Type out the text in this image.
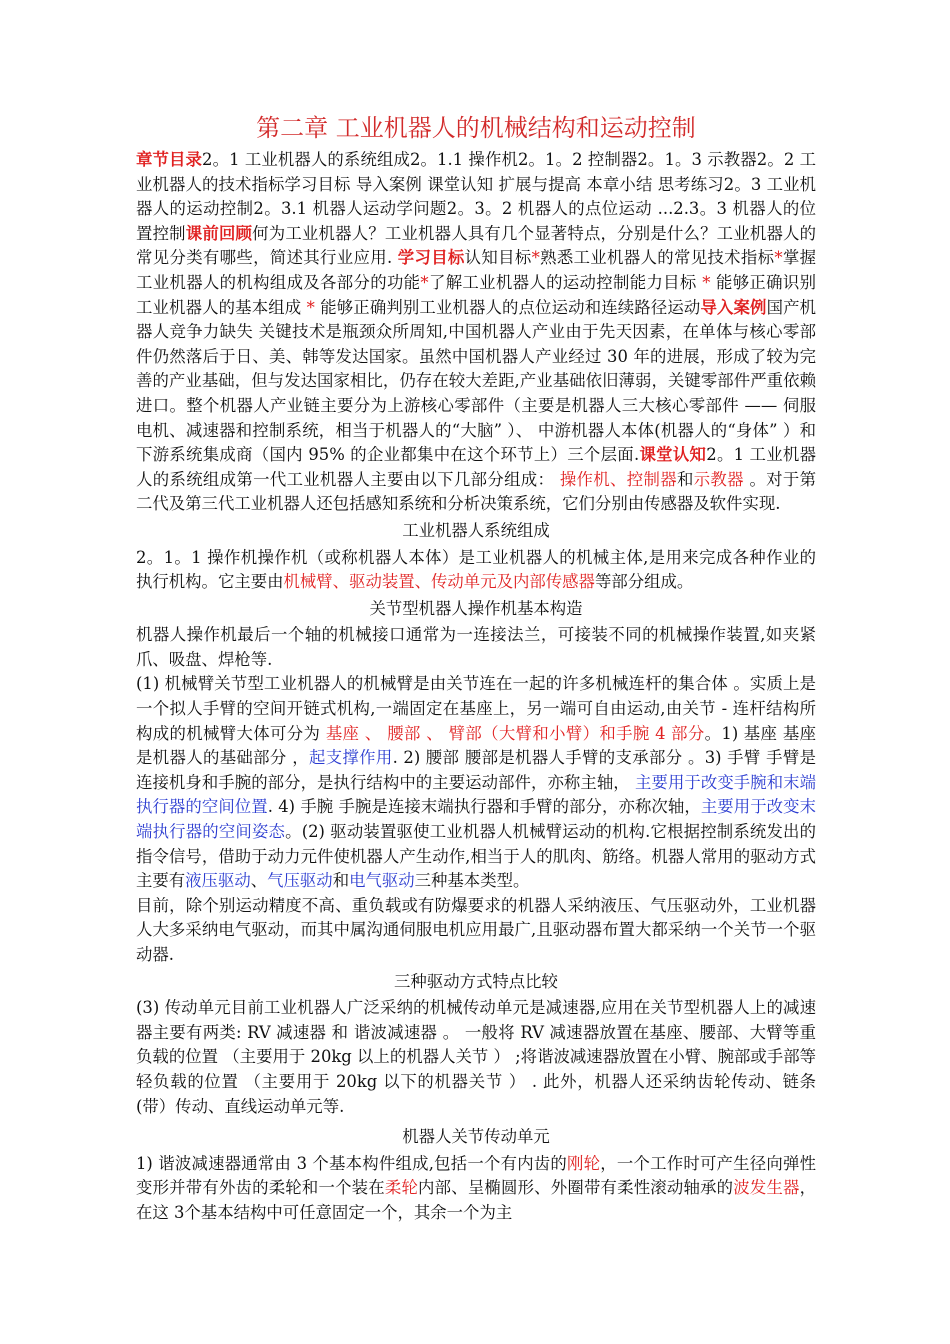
第二章 工业机器人的机械结构和运动控制

章节目录2。1 工业机器人的系统组成2。1.1 操作机2。1。2 控制器2。1。3 示教器2。2 工业机器人的技术指标学习目标 导入案例 课堂认知 扩展与提高 本章小结 思考练习2。3 工业机器人的运动控制2。3.1 机器人运动学问题2。3。2 机器人的点位运动 ...2.3。3 机器人的位置控制课前回顾何为工业机器人？工业机器人具有几个显著特点，分别是什么？工业机器人的常见分类有哪些，简述其行业应用. 学习目标认知目标*熟悉工业机器人的常见技术指标*掌握工业机器人的机构组成及各部分的功能*了解工业机器人的运动控制能力目标 * 能够正确识别工业机器人的基本组成 * 能够正确判别工业机器人的点位运动和连续路径运动导入案例国产机器人竞争力缺失 关键技术是瓶颈众所周知,中国机器人产业由于先天因素，在单体与核心零部件仍然落后于日、美、韩等发达国家。虽然中国机器人产业经过 30 年的进展，形成了较为完善的产业基础，但与发达国家相比，仍存在较大差距,产业基础依旧薄弱，关键零部件严重依赖进口。整个机器人产业链主要分为上游核心零部件（主要是机器人三大核心零部件 —— 伺服电机、减速器和控制系统，相当于机器人的“大脑” ）、 中游机器人本体(机器人的“身体” ）和下游系统集成商（国内 95% 的企业都集中在这个环节上）三个层面.课堂认知2。1 工业机器人的系统组成第一代工业机器人主要由以下几部分组成： 操作机、控制器和示教器 。对于第二代及第三代工业机器人还包括感知系统和分析决策系统，它们分别由传感器及软件实现.

工业机器人系统组成

2。1。1 操作机操作机（或称机器人本体）是工业机器人的机械主体,是用来完成各种作业的执行机构。它主要由机械臂、驱动装置、传动单元及内部传感器等部分组成。

关节型机器人操作机基本构造

机器人操作机最后一个轴的机械接口通常为一连接法兰，可接装不同的机械操作装置,如夹紧爪、吸盘、焊枪等.

(1) 机械臂关节型工业机器人的机械臂是由关节连在一起的许多机械连杆的集合体 。实质上是一个拟人手臂的空间开链式机构,一端固定在基座上，另一端可自由运动,由关节 - 连杆结构所构成的机械臂大体可分为 基座 、 腰部 、 臂部（大臂和小臂）和手腕 4 部分。1) 基座 基座是机器人的基础部分 ，起支撑作用. 2) 腰部 腰部是机器人手臂的支承部分 。3) 手臂 手臂是连接机身和手腕的部分，是执行结构中的主要运动部件，亦称主轴， 主要用于改变手腕和末端执行器的空间位置. 4) 手腕 手腕是连接末端执行器和手臂的部分，亦称次轴，主要用于改变末端执行器的空间姿态。(2) 驱动装置驱使工业机器人机械臂运动的机构.它根据控制系统发出的指令信号，借助于动力元件使机器人产生动作,相当于人的肌肉、筋络。机器人常用的驱动方式主要有液压驱动、气压驱动和电气驱动三种基本类型。

目前，除个别运动精度不高、重负载或有防爆要求的机器人采纳液压、气压驱动外，工业机器人大多采纳电气驱动，而其中属沟通伺服电机应用最广,且驱动器布置大都采纳一个关节一个驱动器.

三种驱动方式特点比较

(3) 传动单元目前工业机器人广泛采纳的机械传动单元是减速器,应用在关节型机器人上的减速器主要有两类: RV 减速器 和 谐波减速器 。 一般将 RV 减速器放置在基座、腰部、大臂等重负载的位置 （主要用于 20kg 以上的机器人关节 ） ;将谐波减速器放置在小臂、腕部或手部等轻负载的位置 （主要用于 20kg 以下的机器关节 ） . 此外，机器人还采纳齿轮传动、链条(带）传动、直线运动单元等.

机器人关节传动单元

1) 谐波减速器通常由 3 个基本构件组成,包括一个有内齿的刚轮，一个工作时可产生径向弹性变形并带有外齿的柔轮和一个装在柔轮内部、呈椭圆形、外圈带有柔性滚动轴承的波发生器，在这 3个基本结构中可任意固定一个，其余一个为主
